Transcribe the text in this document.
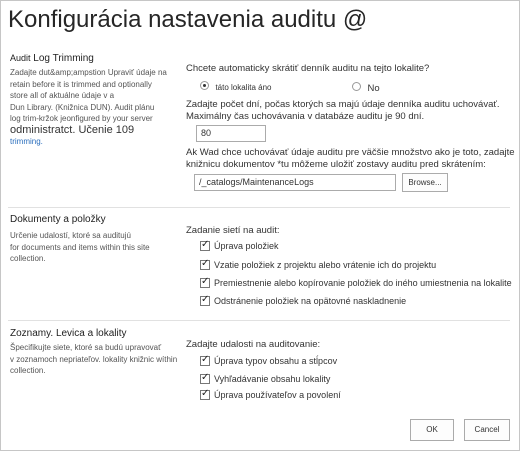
Konfigurácia nastavenia auditu @
Audit Log Trimming
Zadajte dut&amp;ampstion Upraviť údaje na
retain before it is trimmed and optionally
store all of aktuálne údaje v a
Dun Library. (Knižnica DUN). Audit plánu
log trim-kržok jeonfigured by your server
odministratct. Učenie 109
trimming.
Chcete automaticky skrátiť denník auditu na tejto lokalite?
táto lokalita áno	No
Zadajte počet dní, počas ktorých sa majú údaje denníka auditu uchovávať.
Maximálny čas uchovávania v databáze auditu je 90 dní.
80
Ak Wad chce uchovávať údaje auditu pre väčšie množstvo ako je toto, zadajte
knižnicu dokumentov *tu môžeme uložiť zostavy auditu pred skrátením:
/_catalogs/MaintenanceLogs	Browse...
Dokumenty a položky
Určenie udalostí, ktoré sa auditujú
for documents and items within this site
collection.
Zadanie sietí na audit:
✓
Úprava položiek
✓
Vzatie položiek z projektu alebo vrátenie ich do projektu
✓
Premiestnenie alebo kopírovanie položiek do iného umiestnenia na lokalite
✓
Odstránenie položiek na opätovné naskladnenie
Zoznamy. Levica a lokality
Špecifikujte siete, ktoré sa budú upravovať
v zoznamoch nepriateľov. lokality knižnic wíthin
collection.
Zadajte udalosti na auditovanie:
✓
Úprava typov obsahu a stĺpcov
✓
Vyhľadávanie obsahu lokality
✓
Úprava používateľov a povolení
OK	Cancel
